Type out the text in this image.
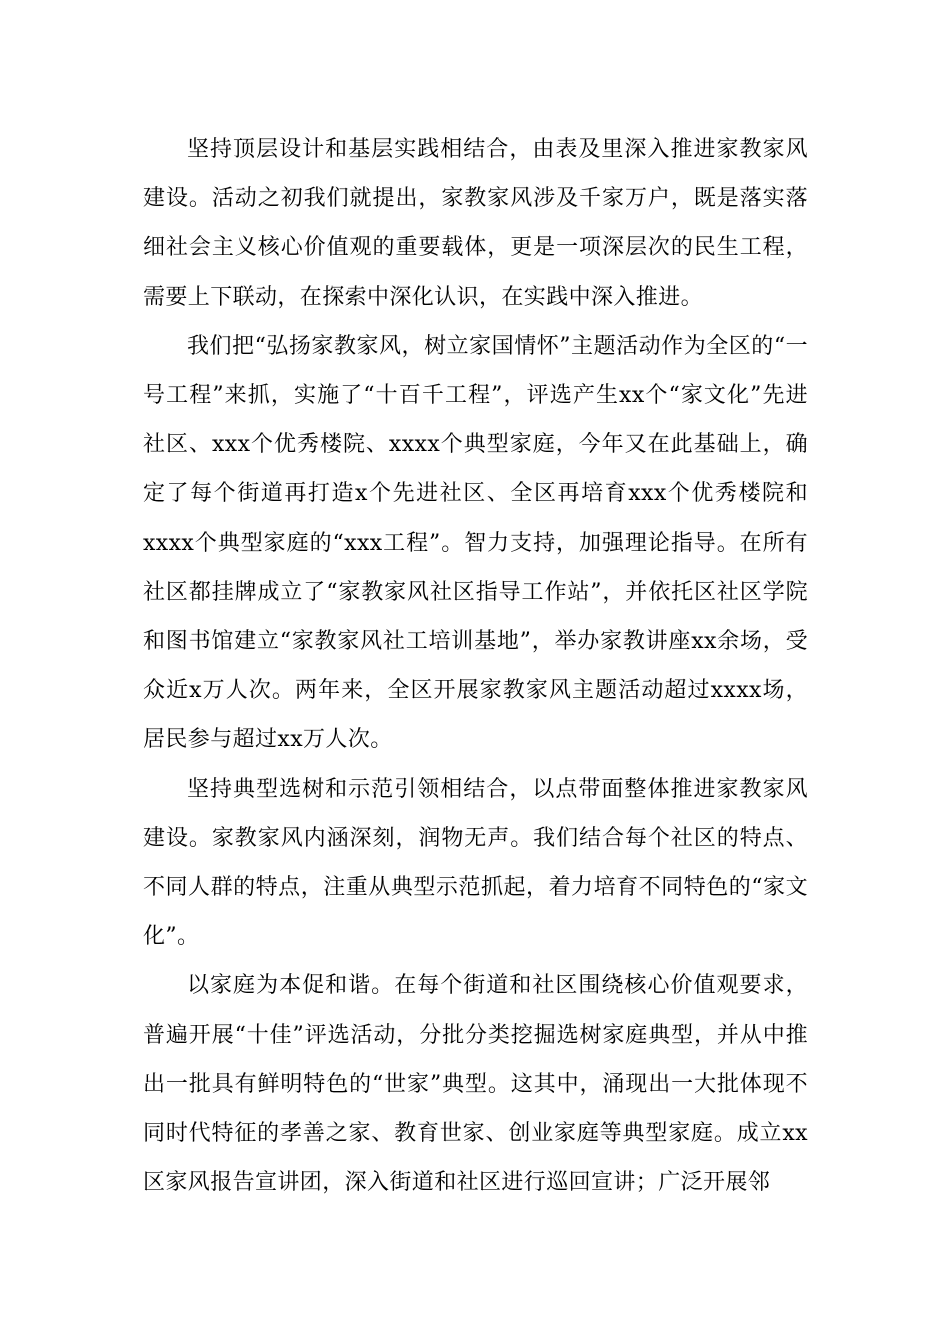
坚持顶层设计和基层实践相结合，由表及里深入推进家教家风建设。活动之初我们就提出，家教家风涉及千家万户，既是落实落细社会主义核心价值观的重要载体，更是一项深层次的民生工程，需要上下联动，在探索中深化认识，在实践中深入推进。

我们把“弘扬家教家风，树立家国情怀”主题活动作为全区的“一号工程”来抓，实施了“十百千工程”，评选产生xx个“家文化”先进社区、xxx个优秀楼院、xxxx个典型家庭，今年又在此基础上，确定了每个街道再打造x个先进社区、全区再培育xxx个优秀楼院和xxxx个典型家庭的“xxx工程”。智力支持，加强理论指导。在所有社区都挂牌成立了“家教家风社区指导工作站”，并依托区社区学院和图书馆建立“家教家风社工培训基地”，举办家教讲座xx余场，受众近x万人次。两年来，全区开展家教家风主题活动超过xxxx场，居民参与超过xx万人次。

坚持典型选树和示范引领相结合，以点带面整体推进家教家风建设。家教家风内涵深刻，润物无声。我们结合每个社区的特点、不同人群的特点，注重从典型示范抓起，着力培育不同特色的“家文化”。

以家庭为本促和谐。在每个街道和社区围绕核心价值观要求，普遍开展“十佳”评选活动，分批分类挖掘选树家庭典型，并从中推出一批具有鲜明特色的“世家”典型。这其中，涌现出一大批体现不同时代特征的孝善之家、教育世家、创业家庭等典型家庭。成立xx区家风报告宣讲团，深入街道和社区进行巡回宣讲；广泛开展邻
